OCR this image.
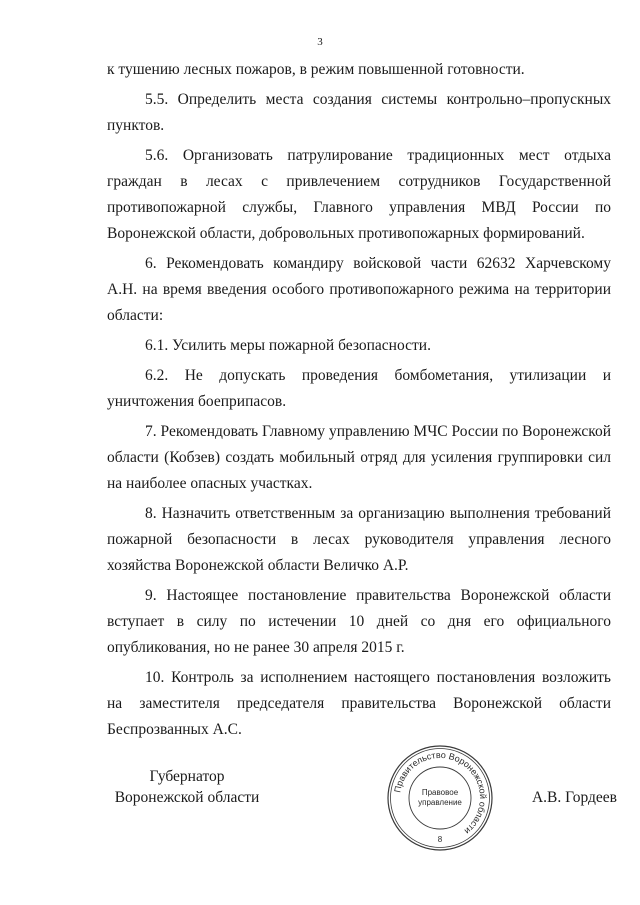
3

к тушению лесных пожаров, в режим повышенной готовности.

5.5. Определить места создания системы контрольно–пропускных пунктов.

5.6. Организовать патрулирование традиционных мест отдыха граждан в лесах с привлечением сотрудников Государственной противопожарной службы, Главного управления МВД России по Воронежской области, добровольных противопожарных формирований.

6. Рекомендовать командиру войсковой части 62632 Харчевскому А.Н. на время введения особого противопожарного режима на территории области:

6.1. Усилить меры пожарной безопасности.

6.2. Не допускать проведения бомбометания, утилизации и уничтожения боеприпасов.

7. Рекомендовать Главному управлению МЧС России по Воронежской области (Кобзев) создать мобильный отряд для усиления группировки сил на наиболее опасных участках.

8. Назначить ответственным за организацию выполнения требований пожарной безопасности в лесах руководителя управления лесного хозяйства Воронежской области Величко А.Р.

9. Настоящее постановление правительства Воронежской области вступает в силу по истечении 10 дней со дня его официального опубликования, но не ранее 30 апреля 2015 г.

10. Контроль за исполнением настоящего постановления возложить на заместителя председателя правительства Воронежской области

Беспрозванных А.С.

Губернатор
Воронежской области	Правительство Воронежской области
Правовое
управление
8
А.В. Гордеев
